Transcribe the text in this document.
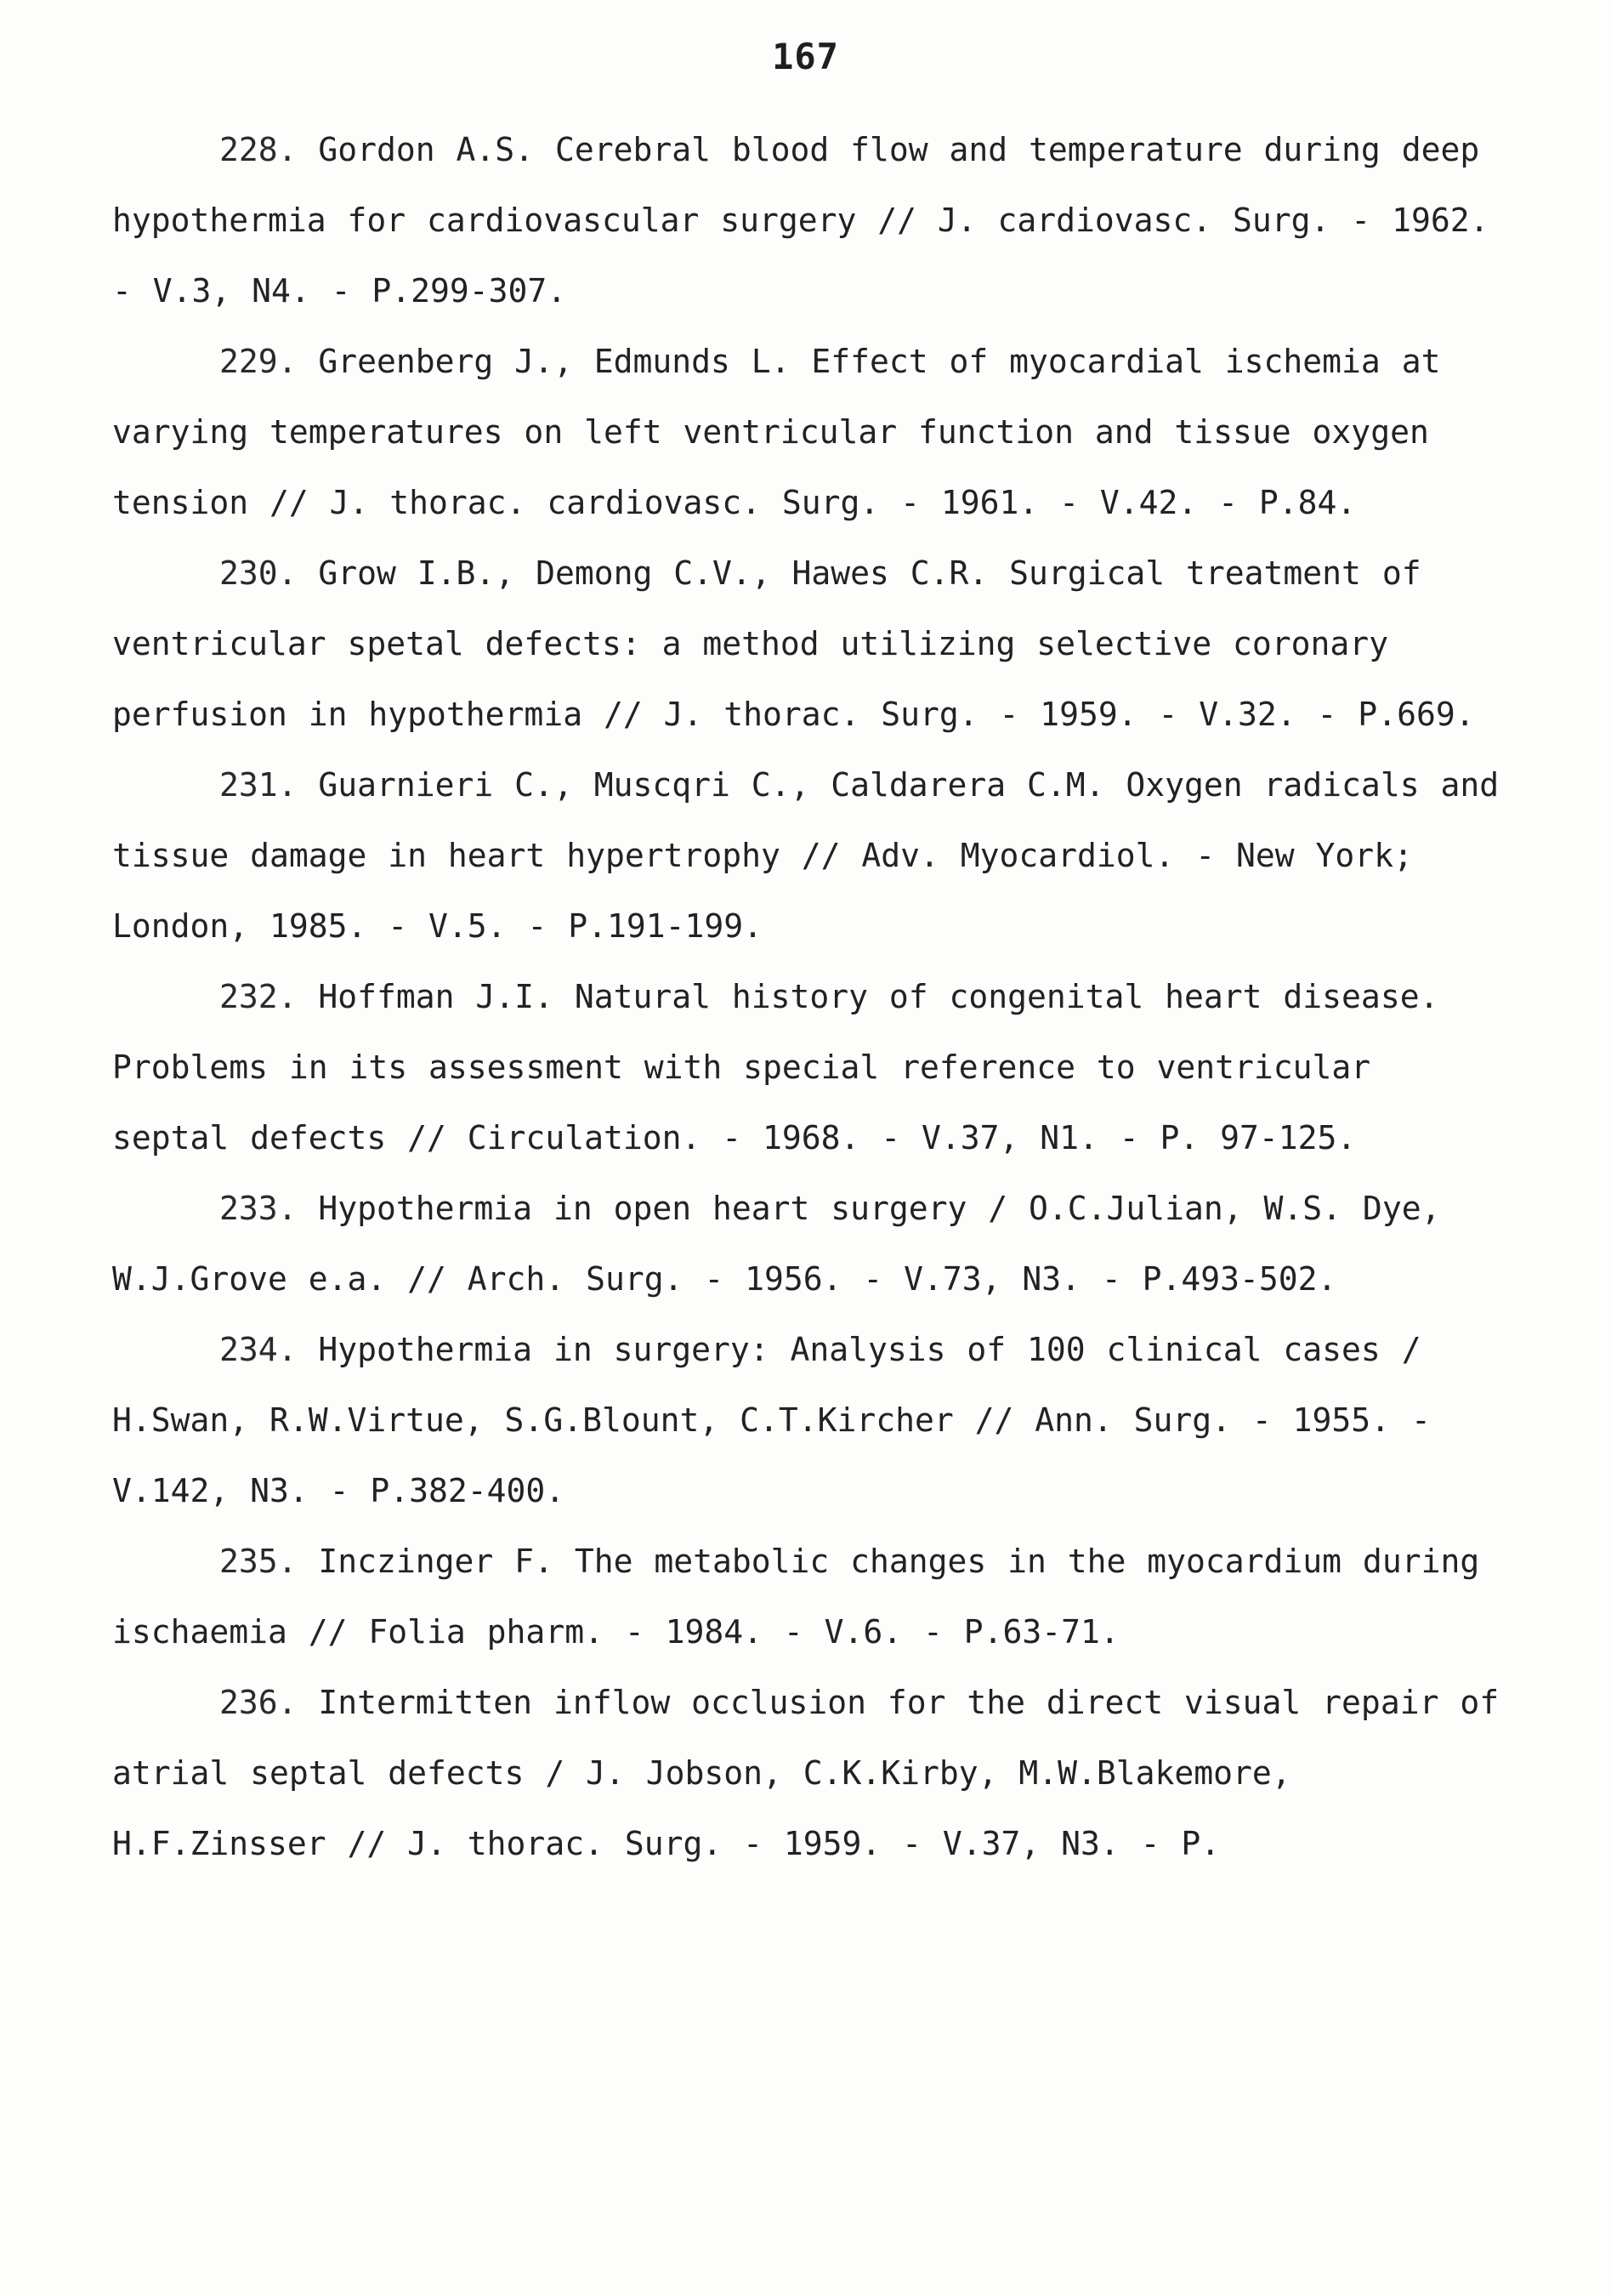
167

228. Gordon A.S. Cerebral blood flow and temperature during deep hypothermia for cardiovascular surgery // J. cardiovasc. Surg. - 1962. - V.3, N4. - P.299-307.

229. Greenberg J., Edmunds L. Effect of myocardial ischemia at varying temperatures on left ventricular function and tissue oxygen tension // J. thorac. cardiovasc. Surg. - 1961. - V.42. - P.84.

230. Grow I.B., Demong C.V., Hawes C.R. Surgical treatment of ventricular spetal defects: a method utilizing selective coronary perfusion in hypothermia // J. thorac. Surg. - 1959. - V.32. - P.669.

231. Guarnieri C., Muscqri C., Caldarera C.M. Oxygen radicals and tissue damage in heart hypertrophy // Adv. Myocardiol. - New York; London, 1985. - V.5. - P.191-199.

232. Hoffman J.I. Natural history of congenital heart disease. Problems in its assessment with special reference to ventricular septal defects // Circulation. - 1968. - V.37, N1. - P. 97-125.

233. Hypothermia in open heart surgery / O.C.Julian, W.S. Dye, W.J.Grove e.a. // Arch. Surg. - 1956. - V.73, N3. - P.493-502.

234. Hypothermia in surgery: Analysis of 100 clinical cases / H.Swan, R.W.Virtue, S.G.Blount, C.T.Kircher // Ann. Surg. - 1955. - V.142, N3. - P.382-400.

235. Inczinger F. The metabolic changes in the myocardium during ischaemia // Folia pharm. - 1984. - V.6. - P.63-71.

236. Intermitten inflow occlusion for the direct visual repair of atrial septal defects / J. Jobson, C.K.Kirby, M.W.Blakemore, H.F.Zinsser // J. thorac. Surg. - 1959. - V.37, N3. - P.
